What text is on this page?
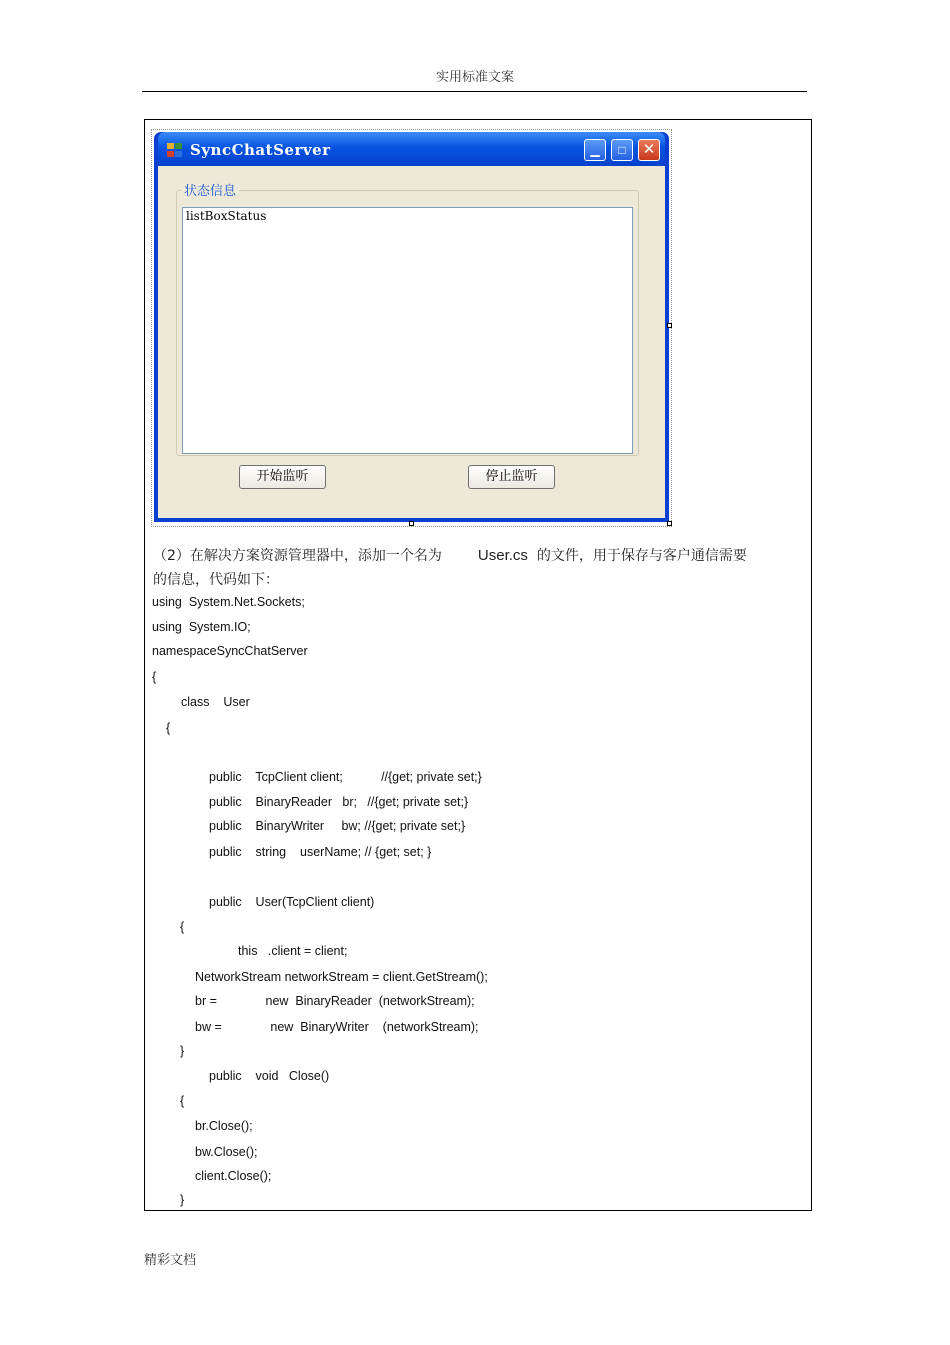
实用标准文案
SyncChatServer	▁	□	✕
状态信息
listBoxStatus
开始监听	停止监听
（2）在解决方案资源管理器中，添加一个名为 User.cs 的文件，用于保存与客户通信需要
的信息，代码如下：
using  System.Net.Sockets;
using  System.IO;
namespaceSyncChatServer
{
class    User
{
public    TcpClient client;           //{get; private set;}
public    BinaryReader   br;   //{get; private set;}
public    BinaryWriter     bw; //{get; private set;}
public    string    userName; // {get; set; }
public    User(TcpClient client)
{
this   .client = client;
NetworkStream networkStream = client.GetStream();
br =              new  BinaryReader  (networkStream);
bw =              new  BinaryWriter    (networkStream);
}
public    void   Close()
{
br.Close();
bw.Close();
client.Close();
}
精彩文档
